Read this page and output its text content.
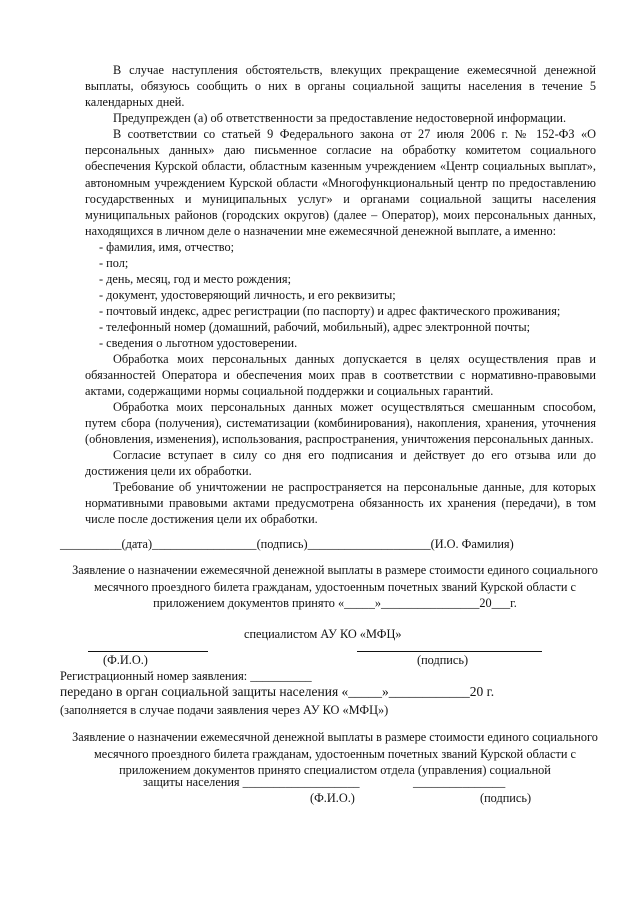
В случае наступления обстоятельств, влекущих прекращение ежемесячной денежной выплаты, обязуюсь сообщить о них в органы социальной защиты населения в течение 5 календарных дней.

Предупрежден (а) об ответственности за предоставление недостоверной информации.

В соответствии со статьей 9 Федерального закона от 27 июля 2006 г. № 152-ФЗ «О персональных данных» даю письменное согласие на обработку комитетом социального обеспечения Курской области, областным казенным учреждением «Центр социальных выплат», автономным учреждением Курской области «Многофункциональный центр по предоставлению государственных и муниципальных услуг» и органами социальной защиты населения муниципальных районов (городских округов) (далее – Оператор), моих персональных данных, находящихся в личном деле о назначении мне ежемесячной денежной выплате, а именно:

- фамилия, имя, отчество;

- пол;

- день, месяц, год и место рождения;

- документ, удостоверяющий личность, и его реквизиты;

- почтовый индекс, адрес регистрации (по паспорту) и адрес фактического проживания;

- телефонный номер (домашний, рабочий, мобильный), адрес электронной почты;

- сведения о льготном удостоверении.

Обработка моих персональных данных допускается в целях осуществления прав и обязанностей Оператора и обеспечения моих прав в соответствии с нормативно-правовыми актами, содержащими нормы социальной поддержки и социальных гарантий.

Обработка моих персональных данных может осуществляться смешанным способом, путем сбора (получения), систематизации (комбинирования), накопления, хранения, уточнения (обновления, изменения), использования, распространения, уничтожения персональных данных.

Согласие вступает в силу со дня его подписания и действует до его отзыва или до достижения цели их обработки.

Требование об уничтожении не распространяется на персональные данные, для которых нормативными правовыми актами предусмотрена обязанность их хранения (передачи), в том числе после достижения цели их обработки.

__________(дата)_________________(подпись)____________________(И.О. Фамилия)

Заявление о назначении ежемесячной денежной выплаты в размере стоимости единого социального месячного проездного билета гражданам, удостоенным почетных званий Курской области с приложением документов принято «_____»________________20___г.

специалистом АУ КО «МФЦ»

(Ф.И.О.)	(подпись)

Регистрационный номер заявления: __________

передано в орган социальной защиты населения «_____»____________20 г.

(заполняется в случае подачи заявления через АУ КО «МФЦ»)

Заявление о назначении ежемесячной денежной выплаты в размере стоимости единого социального месячного проездного билета гражданам, удостоенным почетных званий Курской области с приложением документов принято специалистом отдела (управления) социальной

защиты населения ___________________	_______________

(Ф.И.О.)	(подпись)
